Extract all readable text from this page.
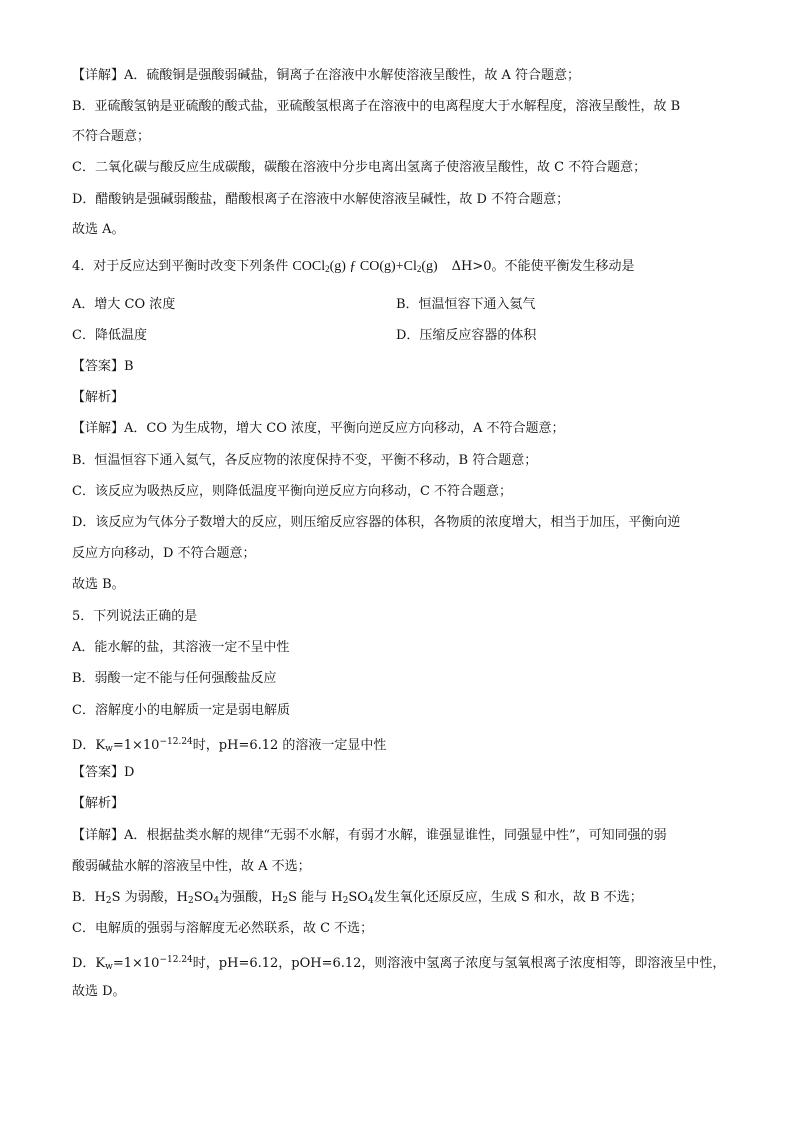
【详解】A．硫酸铜是强酸弱碱盐，铜离子在溶液中水解使溶液呈酸性，故 A 符合题意；
B．亚硫酸氢钠是亚硫酸的酸式盐，亚硫酸氢根离子在溶液中的电离程度大于水解程度，溶液呈酸性，故 B
不符合题意；
C．二氧化碳与酸反应生成碳酸，碳酸在溶液中分步电离出氢离子使溶液呈酸性，故 C 不符合题意；
D．醋酸钠是强碱弱酸盐，醋酸根离子在溶液中水解使溶液呈碱性，故 D 不符合题意；
故选 A。
4．对于反应达到平衡时改变下列条件 COCl$_2$(g) ƒ $CO(g)+Cl_2(g)$ ΔH>0。不能使平衡发生移动是
A．增大 CO 浓度	B．恒温恒容下通入氦气
C．降低温度	D．压缩反应容器的体积
【答案】B
【解析】
【详解】A．CO 为生成物，增大 CO 浓度，平衡向逆反应方向移动，A 不符合题意；
B．恒温恒容下通入氦气，各反应物的浓度保持不变，平衡不移动，B 符合题意；
C．该反应为吸热反应，则降低温度平衡向逆反应方向移动，C 不符合题意；
D．该反应为气体分子数增大的反应，则压缩反应容器的体积，各物质的浓度增大，相当于加压，平衡向逆
反应方向移动，D 不符合题意；
故选 B。
5．下列说法正确的是
A．能水解的盐，其溶液一定不呈中性
B．弱酸一定不能与任何强酸盐反应
C．溶解度小的电解质一定是弱电解质
D．$K_w=1\times 10^{-12.24}$时，pH=6.12 的溶液一定显中性
【答案】D
【解析】
【详解】A．根据盐类水解的规律“无弱不水解，有弱才水解，谁强显谁性，同强显中性”，可知同强的弱
酸弱碱盐水解的溶液呈中性，故 A 不选；
B．$H_2S$ 为弱酸，$H_2SO_4$为强酸，$H_2S$ 能与 $H_2SO_4$发生氧化还原反应，生成 S 和水，故 B 不选；
C．电解质的强弱与溶解度无必然联系，故 C 不选；
D．$K_w=1\times 10^{-12.24}$时，pH=6.12，pOH=6.12，则溶液中氢离子浓度与氢氧根离子浓度相等，即溶液呈中性，
故选 D。
